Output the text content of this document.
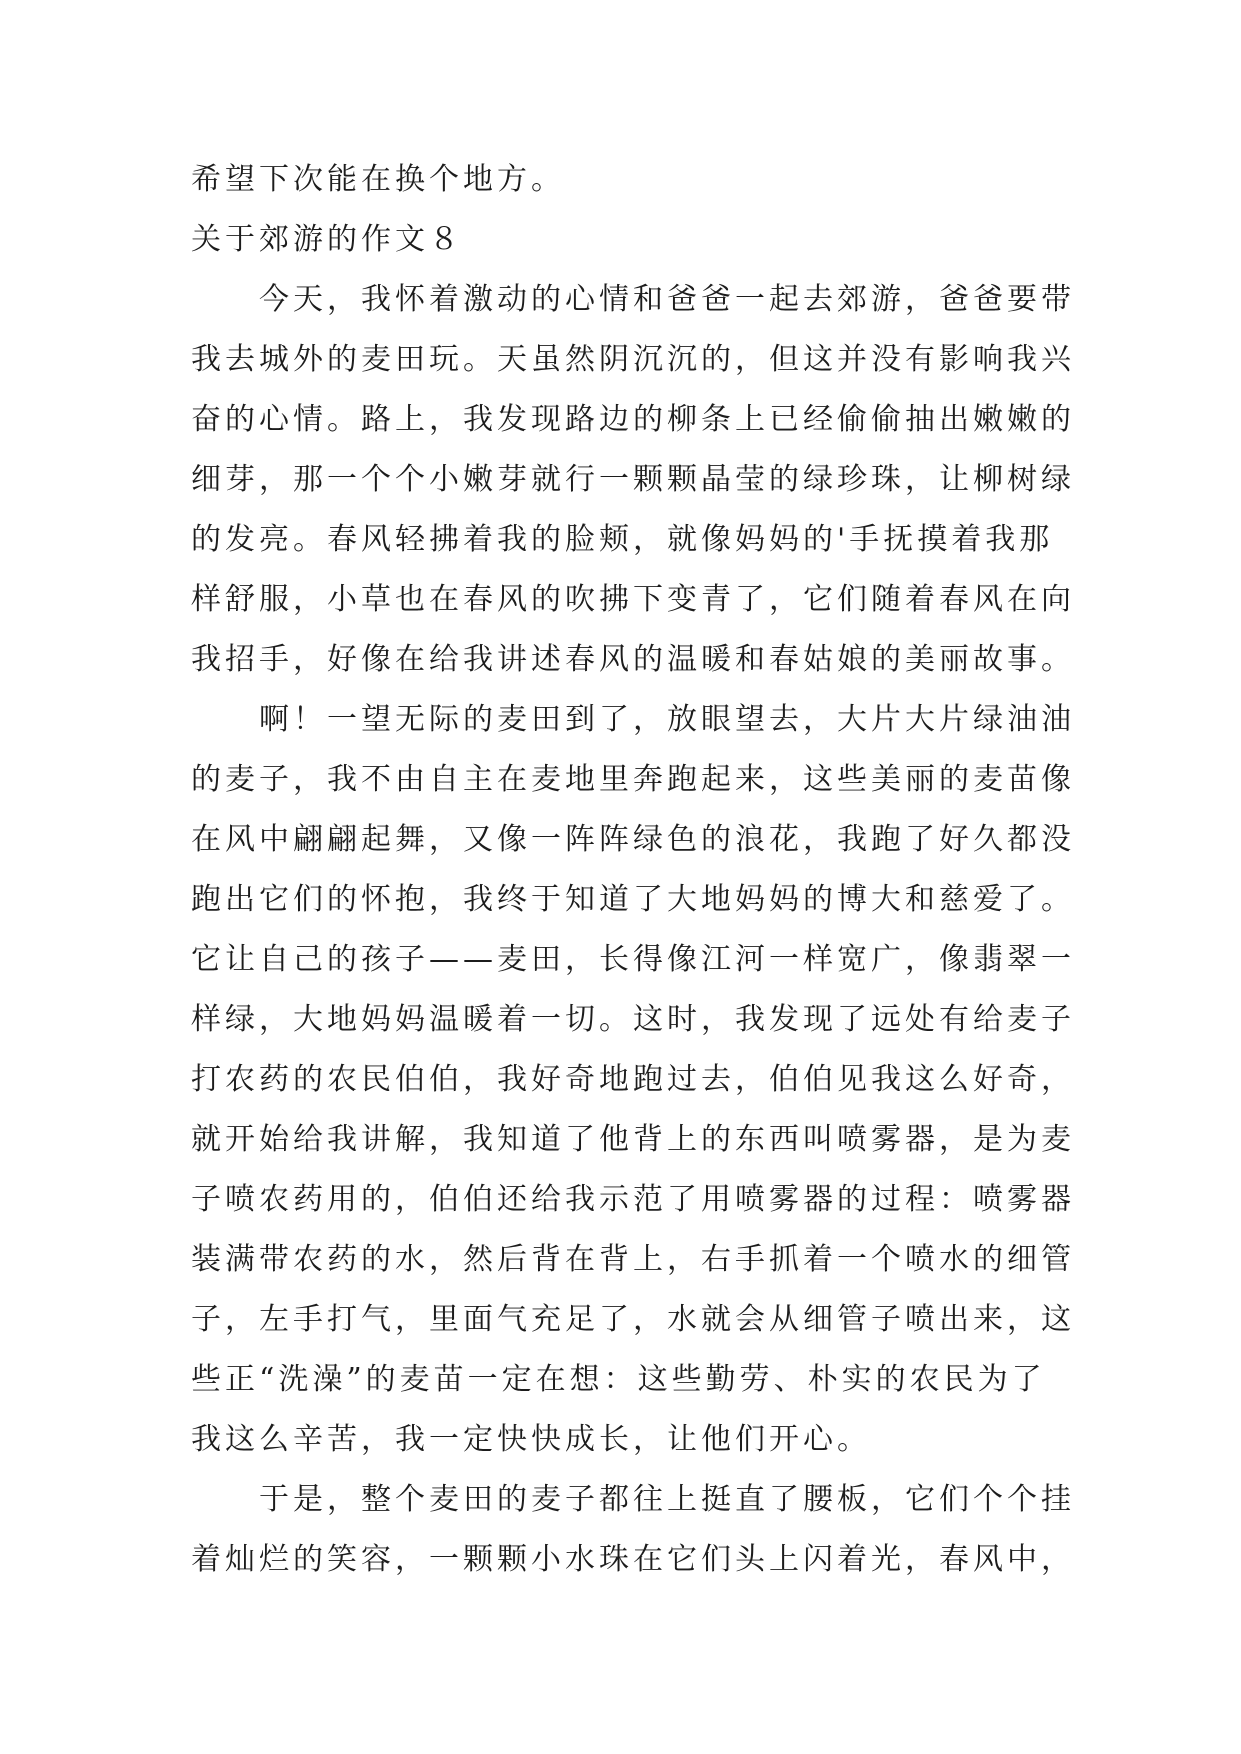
希望下次能在换个地方。
关于郊游的作文８
今天，我怀着激动的心情和爸爸一起去郊游，爸爸要带
我去城外的麦田玩。天虽然阴沉沉的，但这并没有影响我兴
奋的心情。路上，我发现路边的柳条上已经偷偷抽出嫩嫩的
细芽，那一个个小嫩芽就行一颗颗晶莹的绿珍珠，让柳树绿
的发亮。春风轻拂着我的脸颊，就像妈妈的'手抚摸着我那
样舒服，小草也在春风的吹拂下变青了，它们随着春风在向
我招手，好像在给我讲述春风的温暖和春姑娘的美丽故事。
啊！一望无际的麦田到了，放眼望去，大片大片绿油油
的麦子，我不由自主在麦地里奔跑起来，这些美丽的麦苗像
在风中翩翩起舞，又像一阵阵绿色的浪花，我跑了好久都没
跑出它们的怀抱，我终于知道了大地妈妈的博大和慈爱了。
它让自己的孩子——麦田，长得像江河一样宽广，像翡翠一
样绿，大地妈妈温暖着一切。这时，我发现了远处有给麦子
打农药的农民伯伯，我好奇地跑过去，伯伯见我这么好奇，
就开始给我讲解，我知道了他背上的东西叫喷雾器，是为麦
子喷农药用的，伯伯还给我示范了用喷雾器的过程：喷雾器
装满带农药的水，然后背在背上，右手抓着一个喷水的细管
子，左手打气，里面气充足了，水就会从细管子喷出来，这
些正“洗澡”的麦苗一定在想：这些勤劳、朴实的农民为了
我这么辛苦，我一定快快成长，让他们开心。
于是，整个麦田的麦子都往上挺直了腰板，它们个个挂
着灿烂的笑容，一颗颗小水珠在它们头上闪着光，春风中，
